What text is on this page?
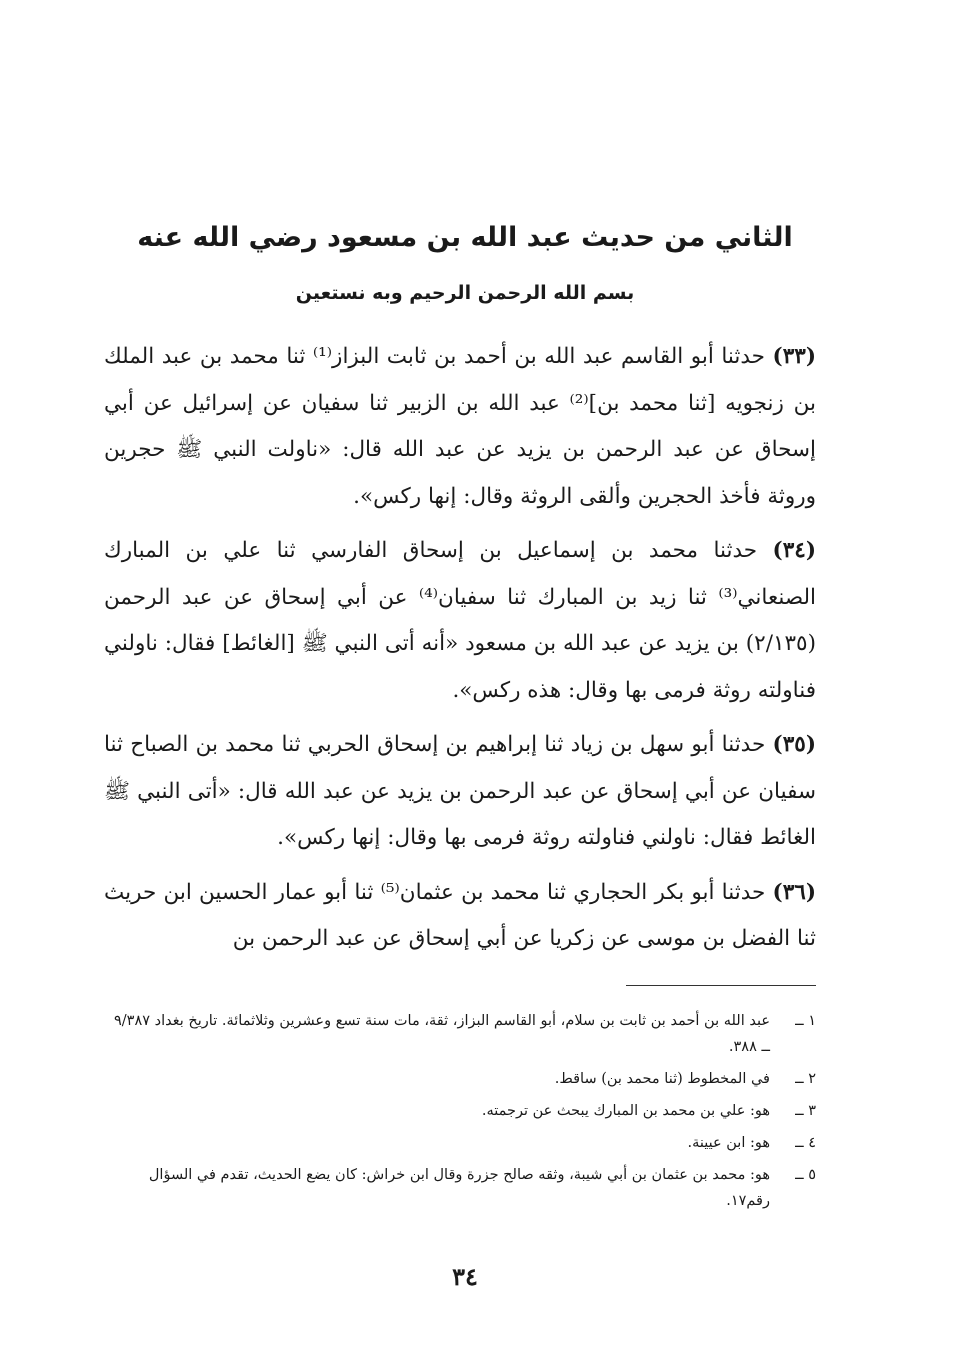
الثاني من حديث عبد الله بن مسعود رضي الله عنه
بسم الله الرحمن الرحيم وبه نستعين

(٣٣) حدثنا أبو القاسم عبد الله بن أحمد بن ثابت البزاز⁽¹⁾ ثنا محمد بن عبد الملك بن زنجويه [ثنا محمد بن]⁽²⁾ عبد الله بن الزبير ثنا سفيان عن إسرائيل عن أبي إسحاق عن عبد الرحمن بن يزيد عن عبد الله قال: «ناولت النبي ﷺ حجرين وروثة فأخذ الحجرين وألقى الروثة وقال: إنها ركس».

(٣٤) حدثنا محمد بن إسماعيل بن إسحاق الفارسي ثنا علي بن المبارك الصنعاني⁽³⁾ ثنا زيد بن المبارك ثنا سفيان⁽⁴⁾ عن أبي إسحاق عن عبد الرحمن (٢/١٣٥) بن يزيد عن عبد الله بن مسعود «أنه أتى النبي ﷺ [الغائط] فقال: ناولني فناولته روثة فرمى بها وقال: هذه ركس».

(٣٥) حدثنا أبو سهل بن زياد ثنا إبراهيم بن إسحاق الحربي ثنا محمد بن الصباح ثنا سفيان عن أبي إسحاق عن عبد الرحمن بن يزيد عن عبد الله قال: «أتى النبي ﷺ الغائط فقال: ناولني فناولته روثة فرمى بها وقال: إنها ركس».

(٣٦) حدثنا أبو بكر الحجاري ثنا محمد بن عثمان⁽⁵⁾ ثنا أبو عمار الحسين ابن حريث ثنا الفضل بن موسى عن زكريا عن أبي إسحاق عن عبد الرحمن بن

١ ــ
عبد الله بن أحمد بن ثابت بن سلام، أبو القاسم البزاز، ثقة، مات سنة تسع وعشرين وثلاثمائة. تاريخ بغداد ٩/٣٨٧ ــ ٣٨٨.
٢ ــ
في المخطوط (ثنا محمد بن) ساقط.
٣ ــ
هو: علي بن محمد بن المبارك يبحث عن ترجمته.
٤ ــ
هو: ابن عيينة.
٥ ــ
هو: محمد بن عثمان بن أبي شيبة، وثقه صالح جزرة وقال ابن خراش: كان يضع الحديث، تقدم في السؤال رقم١٧.
٣٤
